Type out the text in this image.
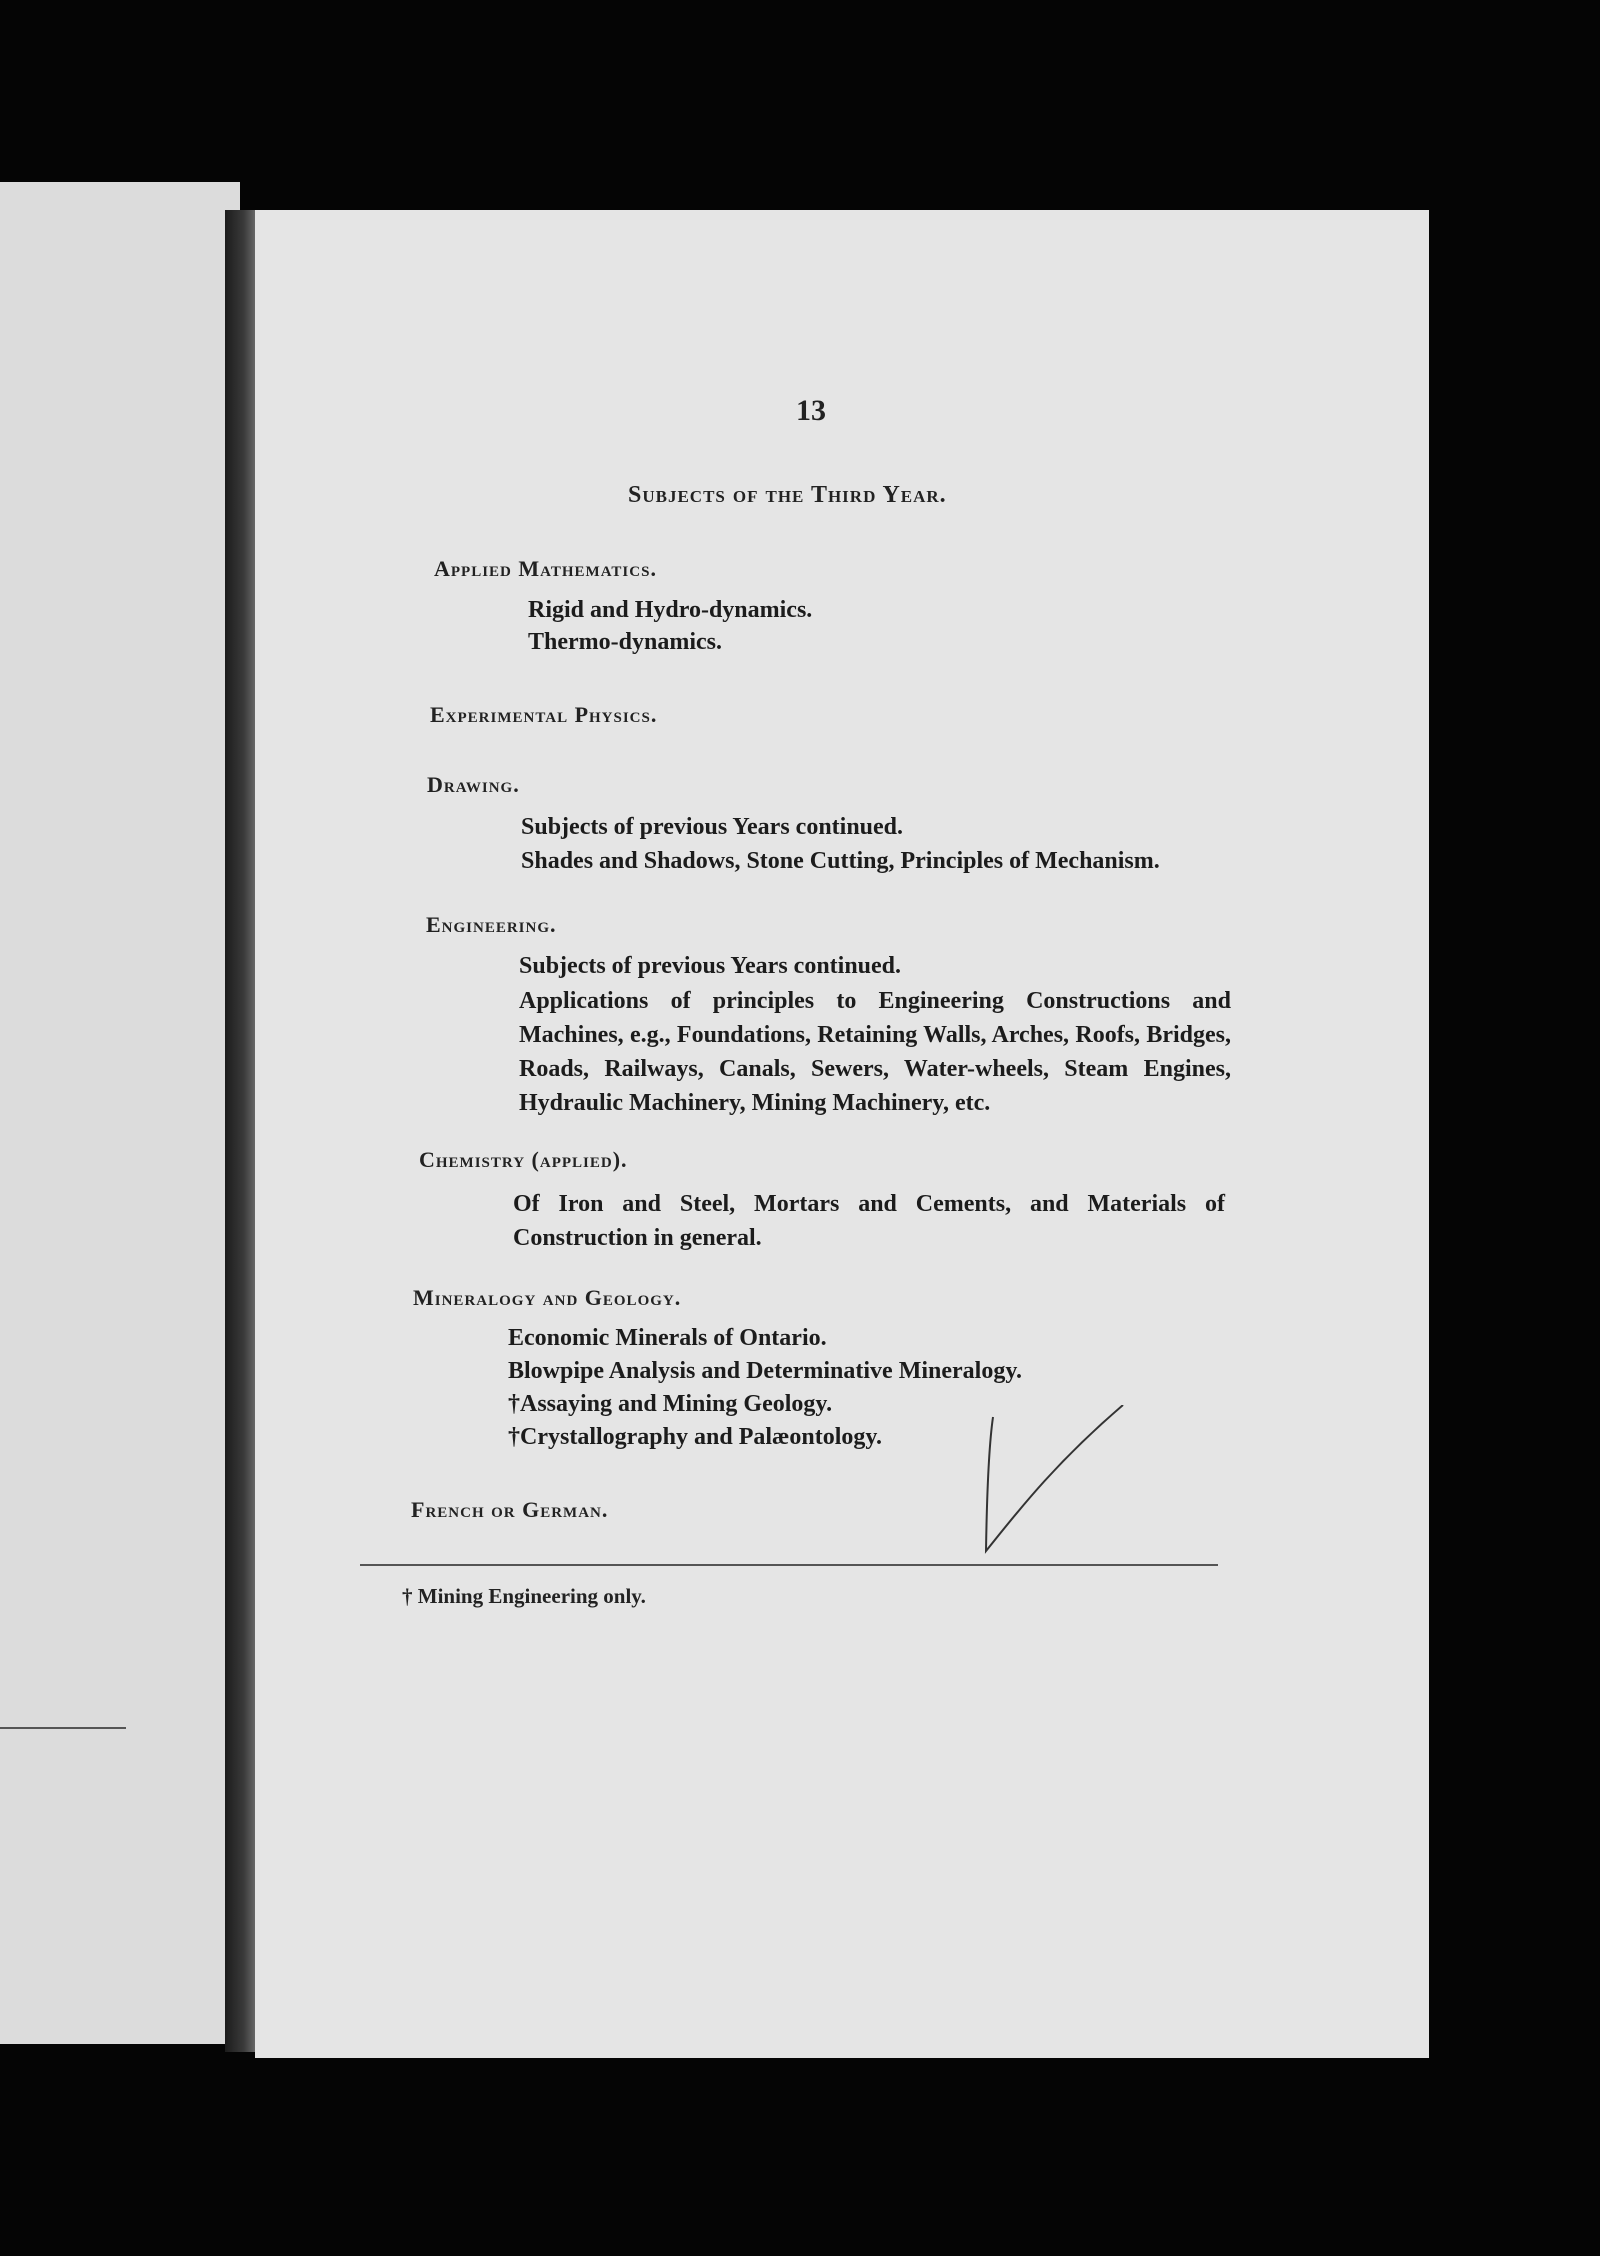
13
Subjects of the Third Year.
Applied Mathematics.
Rigid and Hydro-dynamics.
Thermo-dynamics.
Experimental Physics.
Drawing.
Subjects of previous Years continued.
Shades and Shadows, Stone Cutting, Principles of Mechanism.
Engineering.
Subjects of previous Years continued.
Applications of principles to Engineering Constructions and Machines, e.g., Foundations, Retaining Walls, Arches, Roofs, Bridges, Roads, Railways, Canals, Sewers, Water-wheels, Steam Engines, Hydraulic Machinery, Mining Machinery, etc.
Chemistry (applied).
Of Iron and Steel, Mortars and Cements, and Materials of Construction in general.
Mineralogy and Geology.
Economic Minerals of Ontario.
Blowpipe Analysis and Determinative Mineralogy.
†Assaying and Mining Geology.
†Crystallography and Palæontology.
French or German.
† Mining Engineering only.
